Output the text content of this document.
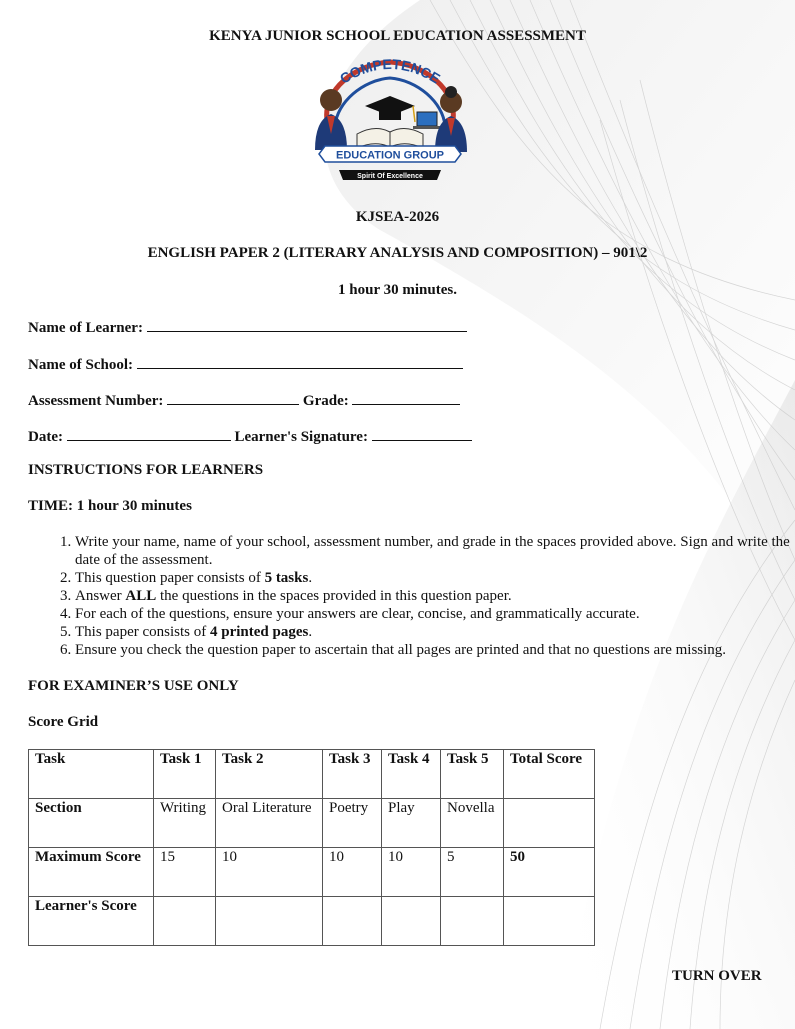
KENYA JUNIOR SCHOOL EDUCATION ASSESSMENT
COMPETENCE
EDUCATION GROUP
Spirit Of Excellence
KJSEA-2026
ENGLISH PAPER 2 (LITERARY ANALYSIS AND COMPOSITION) – 901\2
1 hour 30 minutes.
Name of Learner:
Name of School:
Assessment Number:	Grade:
Date:	Learner's Signature:
INSTRUCTIONS FOR LEARNERS
TIME: 1 hour 30 minutes
1. Write your name, name of your school, assessment number, and grade in the spaces provided above. Sign and write the date of the assessment.
2. This question paper consists of 5 tasks.
3. Answer ALL the questions in the spaces provided in this question paper.
4. For each of the questions, ensure your answers are clear, concise, and grammatically accurate.
5. This paper consists of 4 printed pages.
6. Ensure you check the question paper to ascertain that all pages are printed and that no questions are missing.
FOR EXAMINER’S USE ONLY
Score Grid
Task	Task 1	Task 2	Task 3	Task 4	Task 5	Total Score
Section	Writing	Oral Literature	Poetry	Play	Novella	
Maximum Score	15	10	10	10	5	50
Learner's Score						
TURN OVER
